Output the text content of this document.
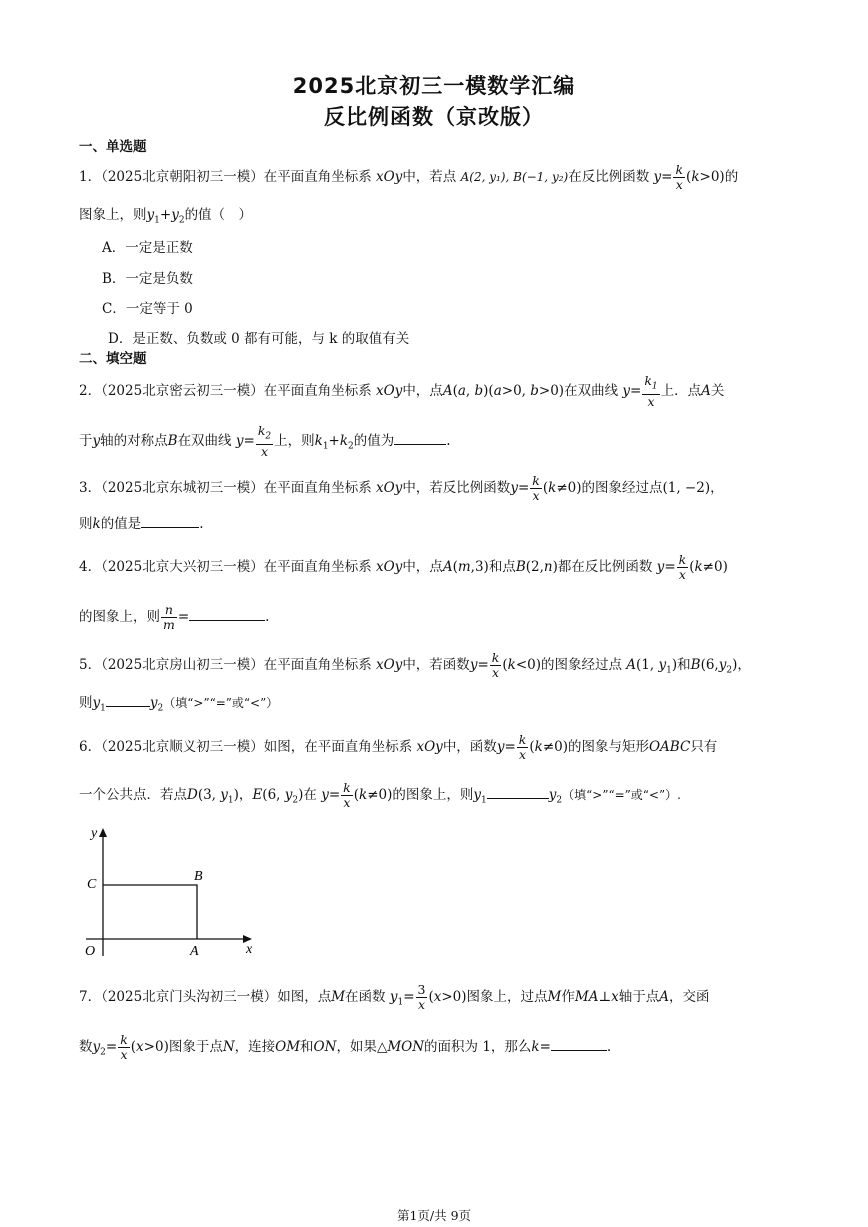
2025北京初三一模数学汇编
反比例函数（京改版）
一、单选题
1．（2025北京朝阳初三一模）在平面直角坐标系 xOy中，若点 A(2, y₁), B(−1, y₂)在反比例函数 $y= \frac{k}{x} (k>0)$的
图象上，则$y_1+y_2$的值（　）
A．一定是正数
B．一定是负数
C．一定等于 0
D．是正数、负数或 0 都有可能，与 k 的取值有关
二、填空题
2．（2025北京密云初三一模）在平面直角坐标系 xOy中，点A(a, b)(a>0, b>0)在双曲线 $y= \frac{k_1}{x}$ 上．点A关
于y轴的对称点B在双曲线 $y= \frac{k_2}{x}$ 上，则$k_1+k_2$的值为	.
3．（2025北京东城初三一模）在平面直角坐标系 xOy中，若反比例函数$y= \frac{k}{x} (k\ne 0)$的图象经过点(1, −2)，
则k的值是	.
4．（2025北京大兴初三一模）在平面直角坐标系 xOy中，点A(m,3)和点B(2,n)都在反比例函数 $y= \frac{k}{x} (k\ne 0)$
的图象上，则 $\frac{n}{m}$ =	.
5．（2025北京房山初三一模）在平面直角坐标系 xOy中，若函数$y= \frac{k}{x} (k<0)$的图象经过点 A(1, $y_1$)和$B(6,y_2)$，
则$y_1$	$y_2$（填“>”“=”或“<”）
6．（2025北京顺义初三一模）如图，在平面直角坐标系 xOy中，函数$y= \frac{k}{x} (k\ne 0)$的图象与矩形OABC只有
一个公共点．若点D(3, $y_1$)，E(6, $y_2$)在 $y= \frac{k}{x} (k\ne 0)$的图象上，则$y_1$	$y_2$（填“>”“=”或“<”）.
y
x
C
B
O	A
7．（2025北京门头沟初三一模）如图，点M在函数 $y_1= \frac{3}{x} (x>0)$图象上，过点M作MA⊥x轴于点A，交函
数$y_2= \frac{k}{x} (x>0)$图象于点N，连接OM和ON，如果△MON的面积为 1，那么k=	.
第1页/共 9页
